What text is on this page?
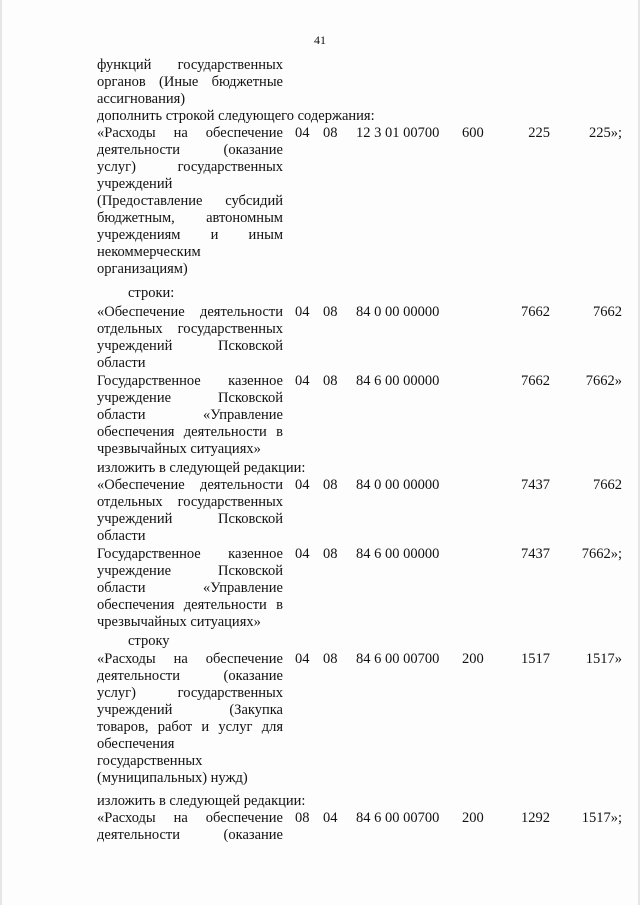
41
функций государственных
органов (Иные бюджетные
ассигнования)
дополнить строкой следующего содержания:
«Расходы на обеспечение
деятельности (оказание
услуг) государственных
учреждений
(Предоставление субсидий
бюджетным, автономным
учреждениям и иным
некоммерческим
организациям)
04 08 12 3 01 00700 600	225	225»;
строки:
«Обеспечение деятельности
отдельных государственных
учреждений Псковской
области
04 08 84 0 00 00000	7662	7662
Государственное казенное
учреждение Псковской
области «Управление
обеспечения деятельности в
чрезвычайных ситуациях»
04 08 84 6 00 00000	7662	7662»
изложить в следующей редакции:
«Обеспечение деятельности
отдельных государственных
учреждений Псковской
области
04 08 84 0 00 00000	7437	7662
Государственное казенное
учреждение Псковской
области «Управление
обеспечения деятельности в
чрезвычайных ситуациях»
04 08 84 6 00 00000	7437	7662»;
строку
«Расходы на обеспечение
деятельности (оказание
услуг) государственных
учреждений (Закупка
товаров, работ и услуг для
обеспечения
государственных
(муниципальных) нужд)
04 08 84 6 00 00700 200	1517	1517»
изложить в следующей редакции:
«Расходы на обеспечение
деятельности (оказание
08 04 84 6 00 00700 200	1292	1517»;
